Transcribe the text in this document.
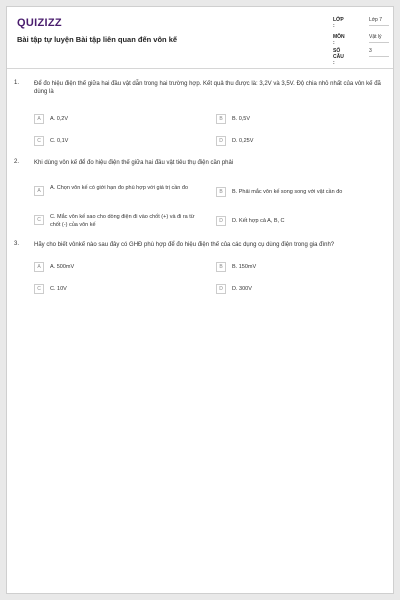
QUIZIZZ
Bài tập tự luyện Bài tập liên quan đến vôn kế
LỚP :
Lớp 7
MÔN :
Vật lý
SỐ CÂU :
3
1. Để đo hiệu điện thế giữa hai đầu vật dẫn trong hai trường hợp. Kết quả thu được là: 3,2V và 3,5V. Độ chia nhỏ nhất của vôn kế đã dùng là
A	A. 0,2V	B	B. 0,5V
C	C. 0,1V	D	D. 0,25V
2. Khi dùng vôn kế để đo hiệu điện thế giữa hai đầu vật tiêu thụ điện cần phải
A	A. Chọn vôn kế có giới hạn đo phù hợp với giá trị cần đo
B	B. Phải mắc vôn kế song song với vật cần đo
C	C. Mắc vôn kế sao cho dòng điện đi vào chốt (+) và đi ra từ chốt (-) của vôn kế
D	D. Kết hợp cả A, B, C
3. Hãy cho biết vônkế nào sau đây có GHĐ phù hợp để đo hiệu điện thế của các dụng cụ dùng điện trong gia đình?
A	A. 500mV	B	B. 150mV
C	C. 10V	D	D. 300V
